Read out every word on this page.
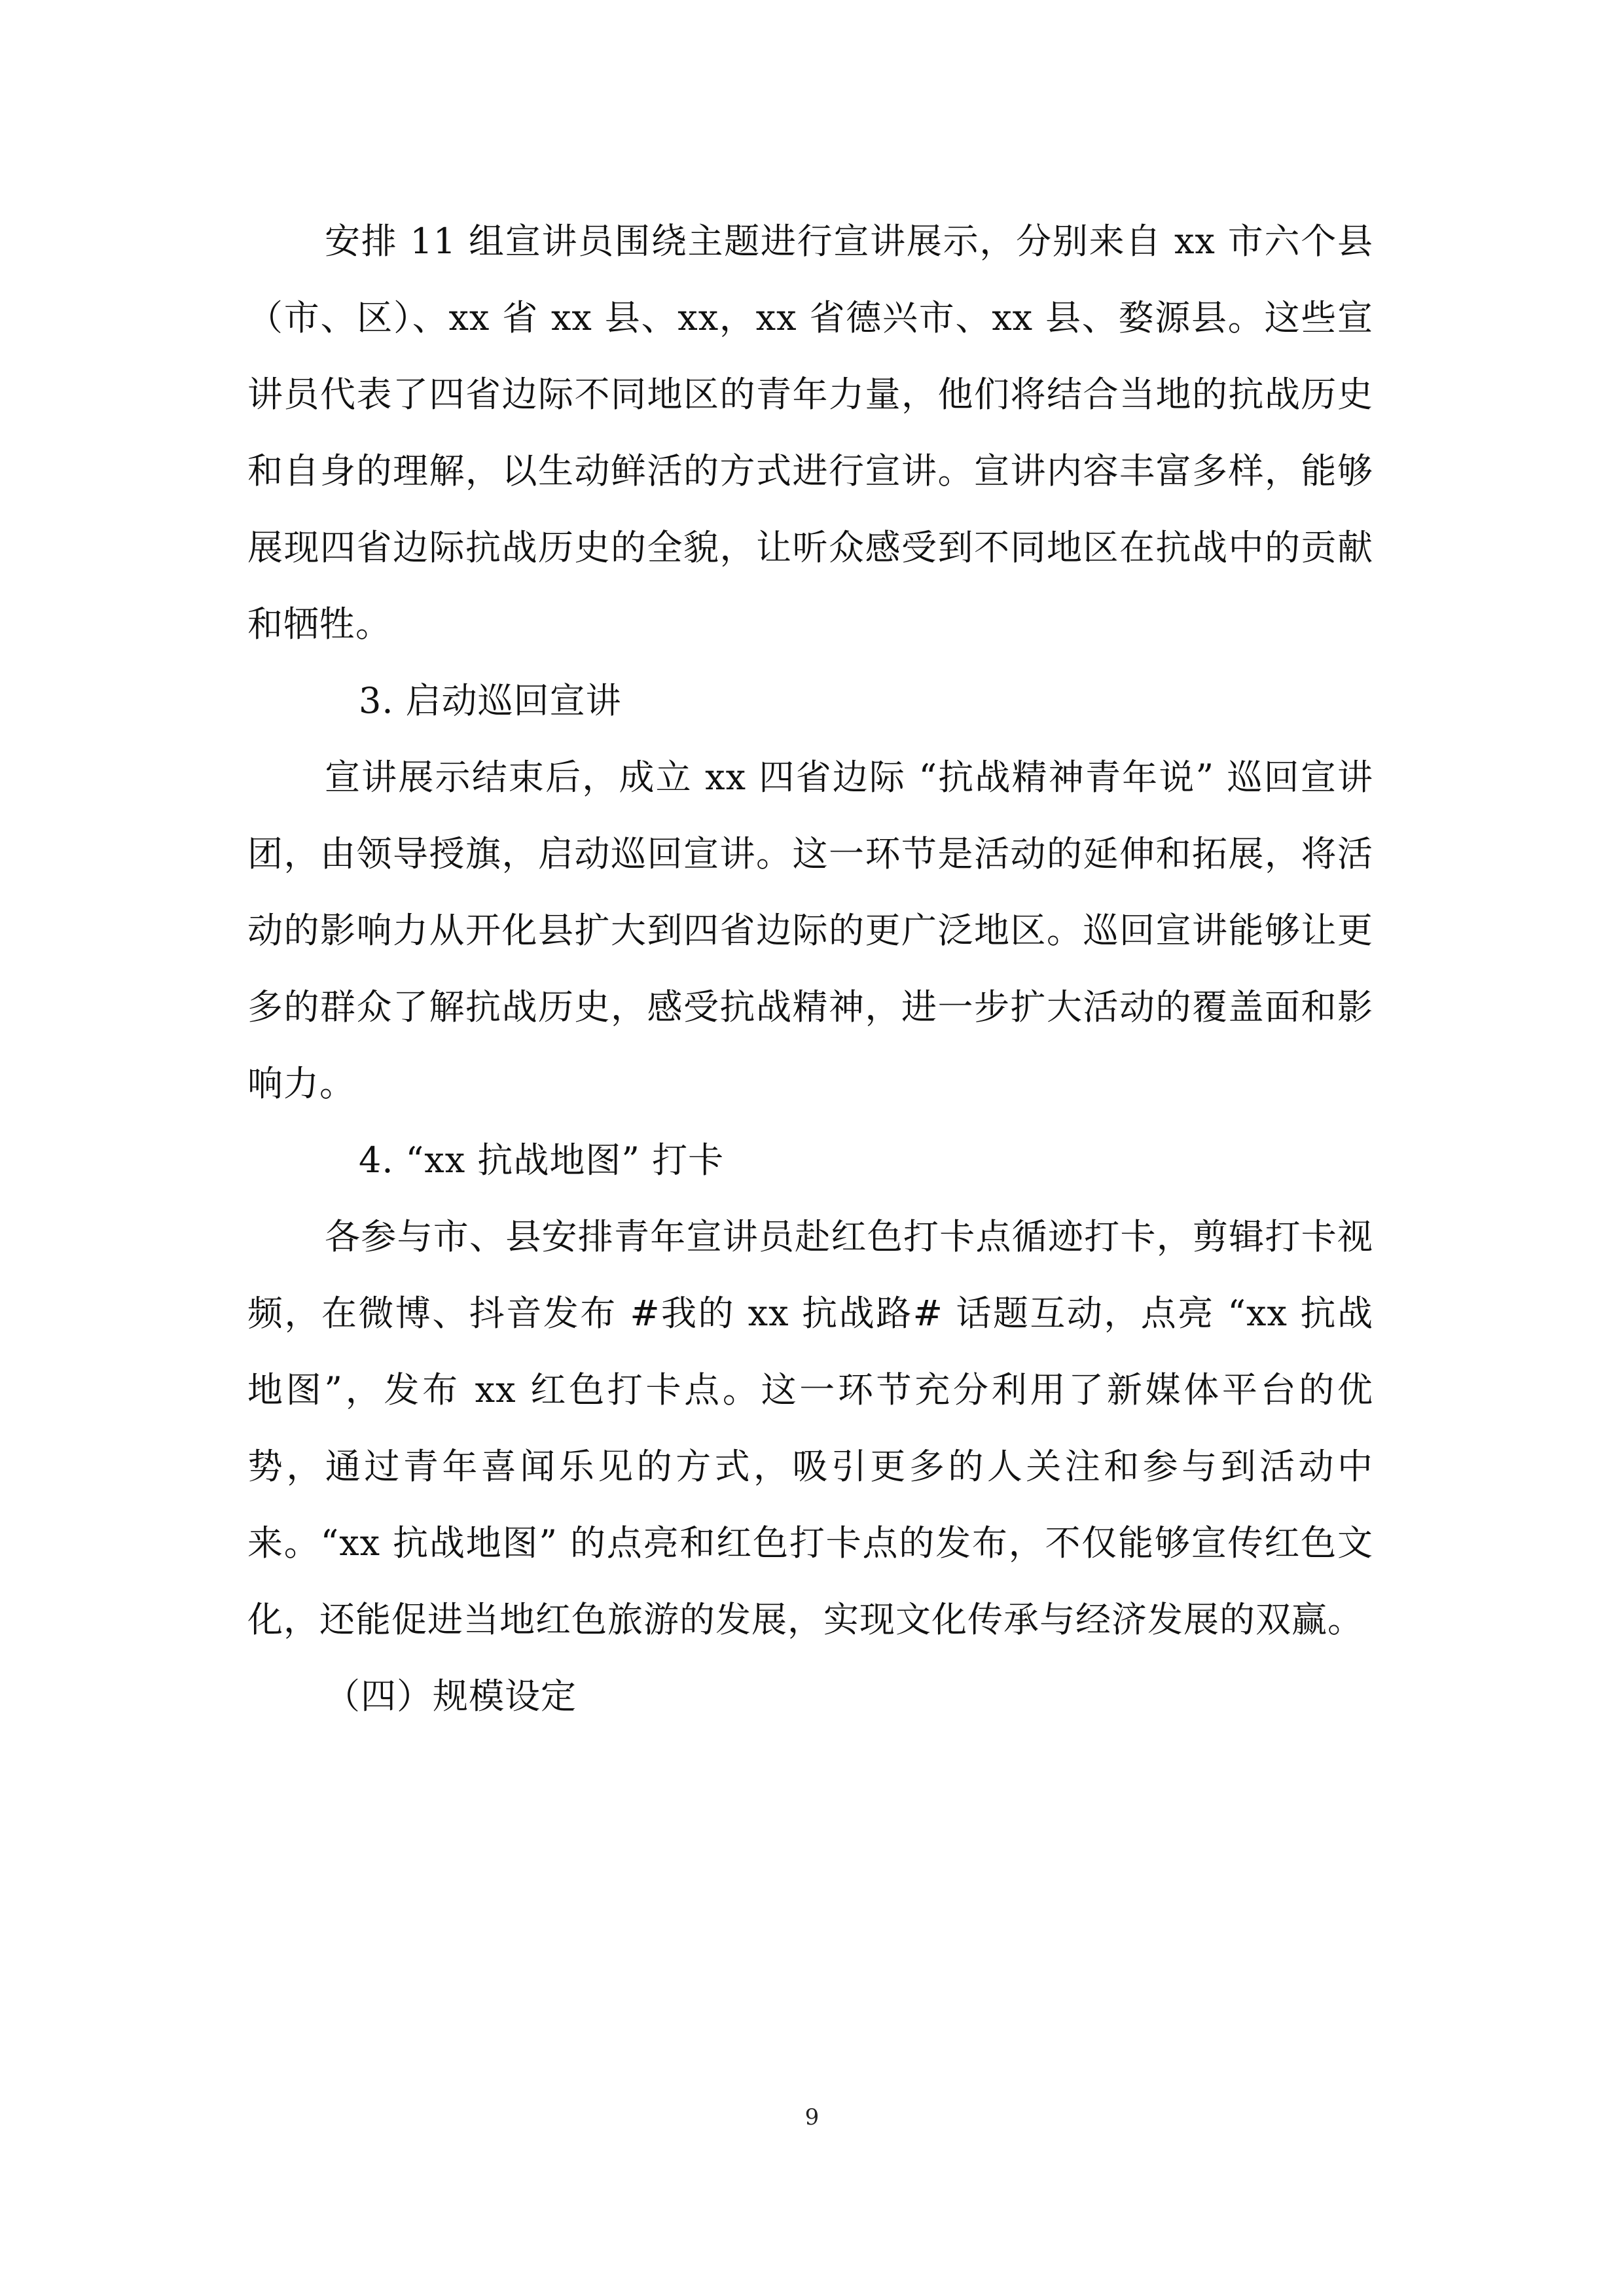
安排 11 组宣讲员围绕主题进行宣讲展示，分别来自 xx 市六个县（市、区）、xx 省 xx 县、xx，xx 省德兴市、xx 县、婺源县。这些宣讲员代表了四省边际不同地区的青年力量，他们将结合当地的抗战历史和自身的理解，以生动鲜活的方式进行宣讲。宣讲内容丰富多样，能够展现四省边际抗战历史的全貌，让听众感受到不同地区在抗战中的贡献和牺牲。

3. 启动巡回宣讲

宣讲展示结束后，成立 xx 四省边际 “抗战精神青年说” 巡回宣讲团，由领导授旗，启动巡回宣讲。这一环节是活动的延伸和拓展，将活动的影响力从开化县扩大到四省边际的更广泛地区。巡回宣讲能够让更多的群众了解抗战历史，感受抗战精神，进一步扩大活动的覆盖面和影响力。

4. “xx 抗战地图” 打卡

各参与市、县安排青年宣讲员赴红色打卡点循迹打卡，剪辑打卡视频，在微博、抖音发布 #我的 xx 抗战路# 话题互动，点亮 “xx 抗战地图”，发布 xx 红色打卡点。这一环节充分利用了新媒体平台的优势，通过青年喜闻乐见的方式，吸引更多的人关注和参与到活动中来。“xx 抗战地图” 的点亮和红色打卡点的发布，不仅能够宣传红色文化，还能促进当地红色旅游的发展，实现文化传承与经济发展的双赢。

（四）规模设定

9
